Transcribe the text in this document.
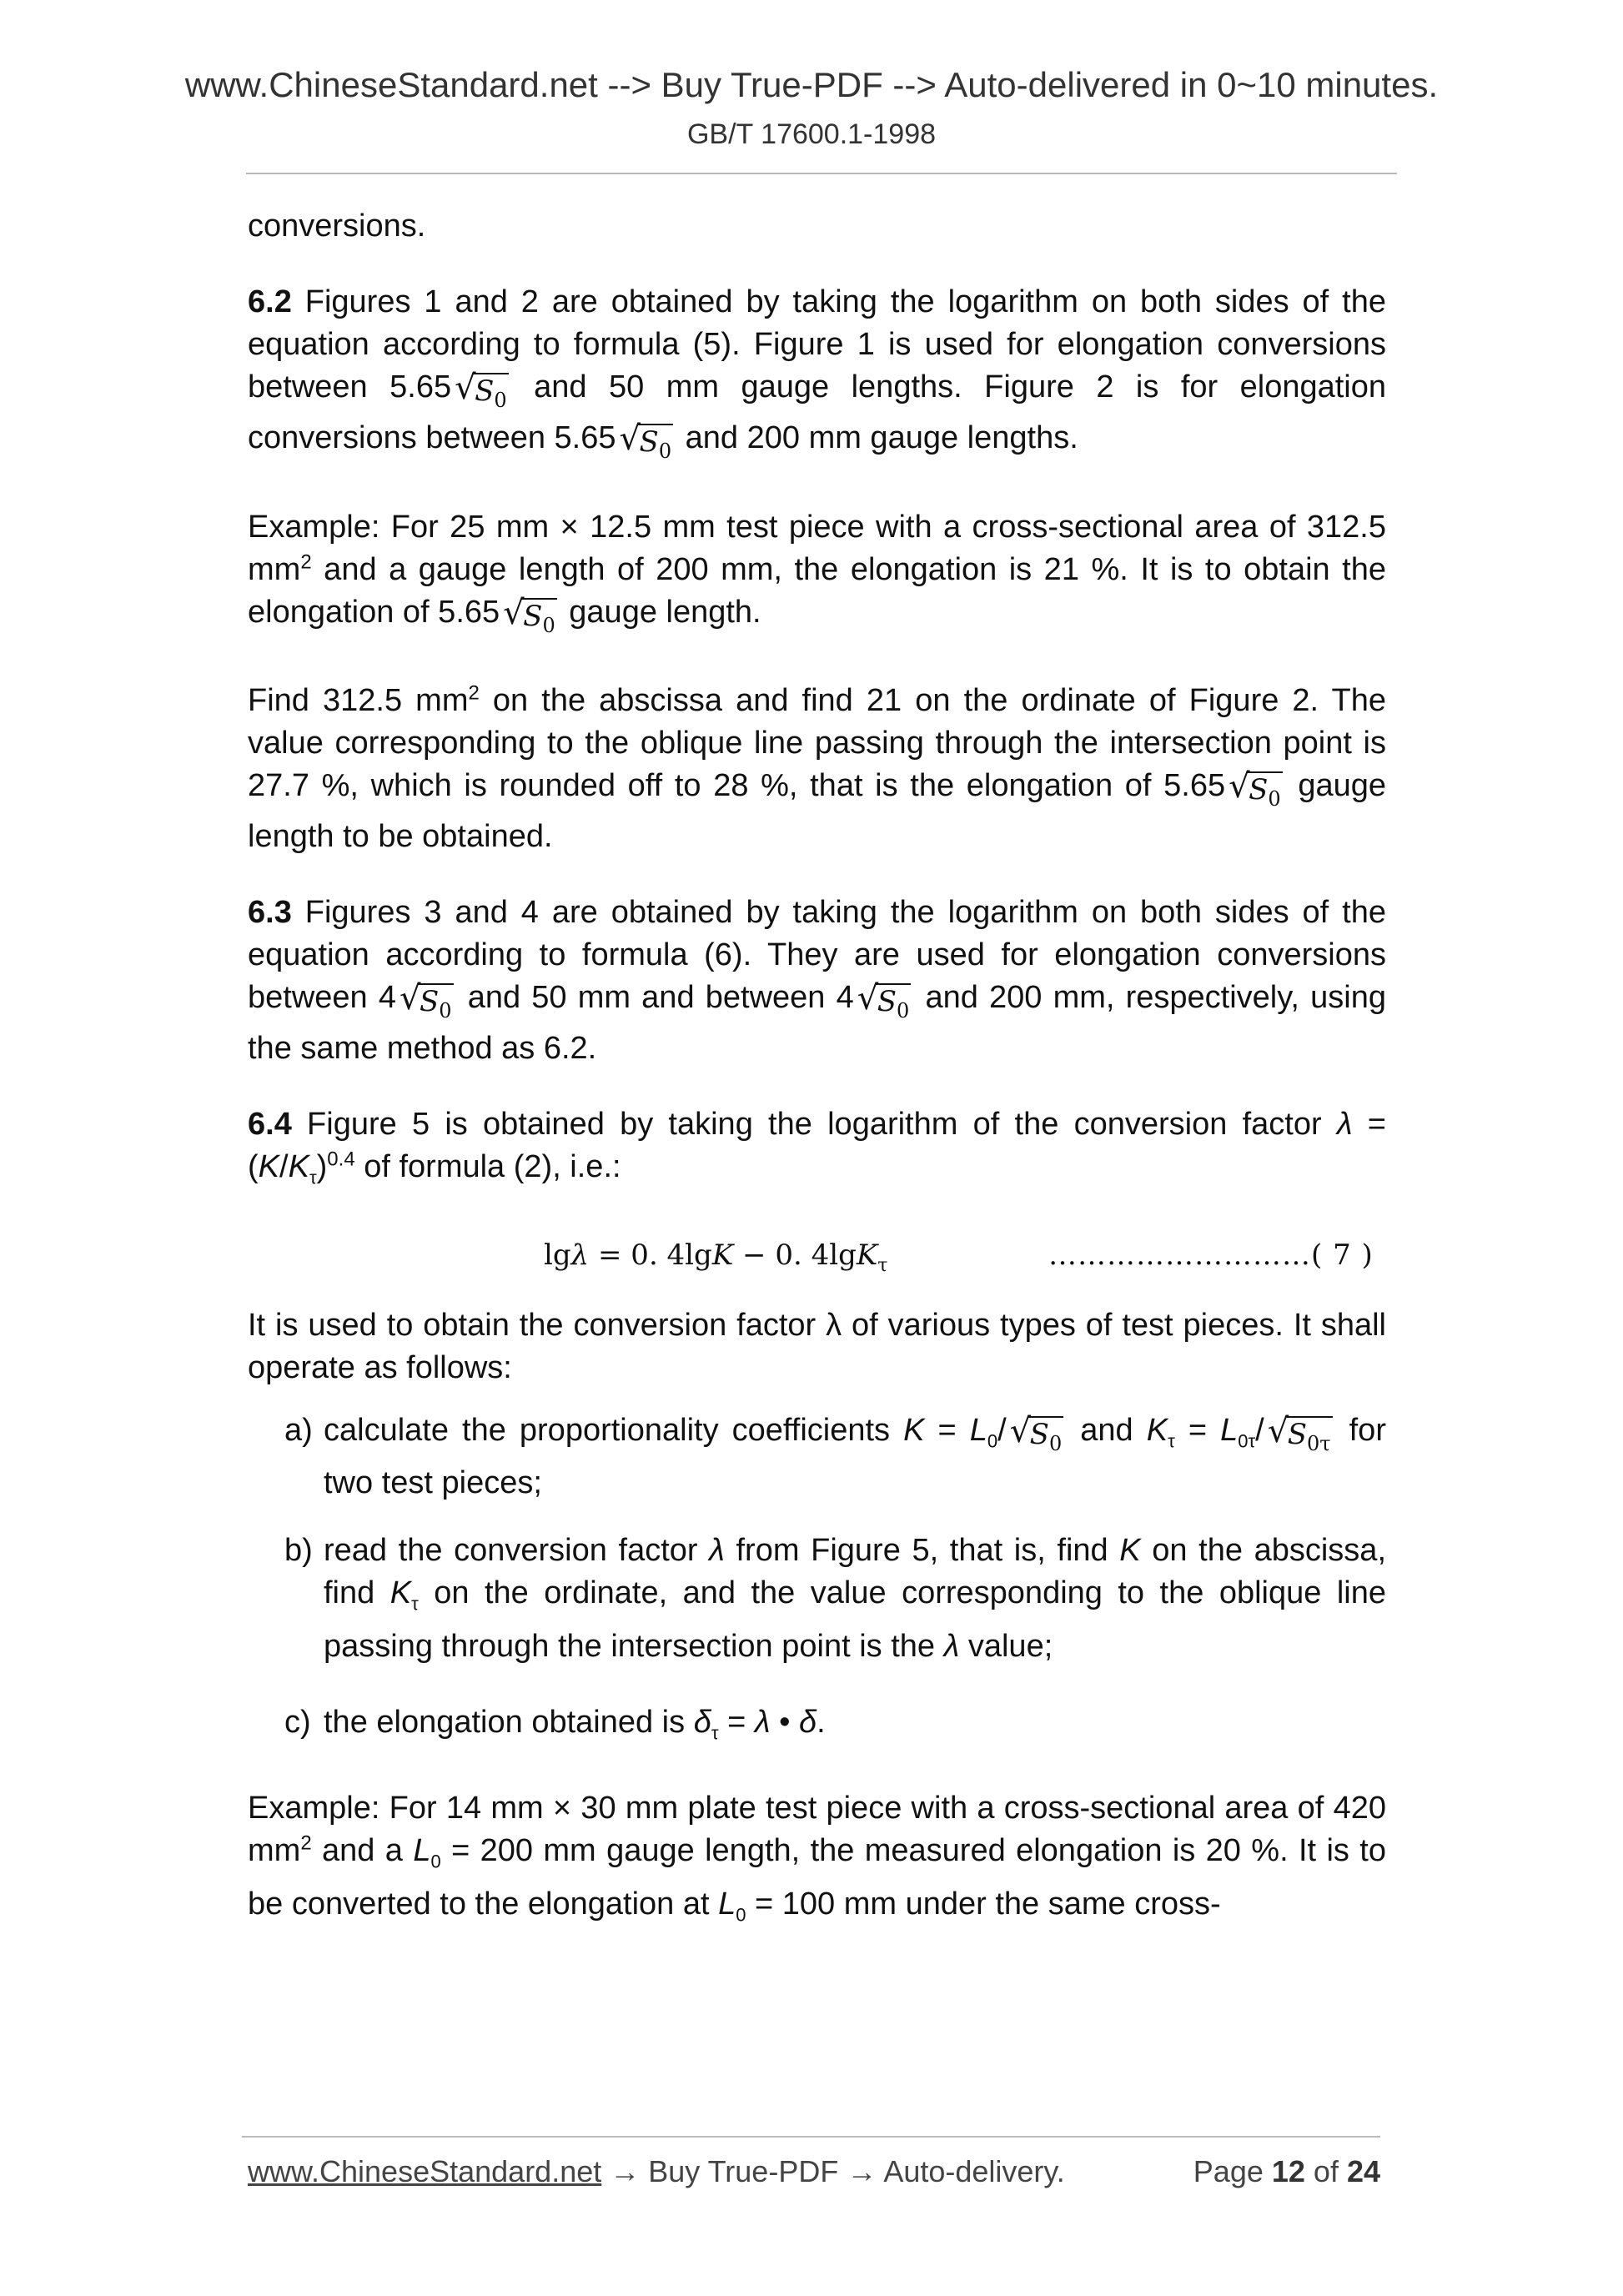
www.ChineseStandard.net --> Buy True-PDF --> Auto-delivered in 0~10 minutes.
GB/T 17600.1-1998

conversions.

6.2 Figures 1 and 2 are obtained by taking the logarithm on both sides of the equation according to formula (5). Figure 1 is used for elongation conversions between 5.65 √
$S_0$ and 50 mm gauge lengths. Figure 2 is for elongation conversions between 5.65 √
$S_0$ and 200 mm gauge lengths.

Example: For 25 mm × 12.5 mm test piece with a cross-sectional area of 312.5 $mm^2$ and a gauge length of 200 mm, the elongation is 21 %. It is to obtain the elongation of 5.65 √
$S_0$ gauge length.

Find 312.5 $mm^2$ on the abscissa and find 21 on the ordinate of Figure 2. The value corresponding to the oblique line passing through the intersection point is 27.7 %, which is rounded off to 28 %, that is the elongation of 5.65 √
$S_0$ gauge length to be obtained.

6.3 Figures 3 and 4 are obtained by taking the logarithm on both sides of the equation according to formula (6). They are used for elongation conversions between 4 √
$S_0$ and 50 mm and between 4 √
$S_0$ and 200 mm, respectively, using the same method as 6.2.

6.4 Figure 5 is obtained by taking the logarithm of the conversion factor $\lambda = (K/K_\tau)^{0.4}$ of formula (2), i.e.:

lgλ = 0. 4lgK − 0. 4lgK$_\tau$	………………………( 7 )

It is used to obtain the conversion factor λ of various types of test pieces. It shall operate as follows:

a) calculate the proportionality coefficients $K = L_0/$ √
$S_0$ and $K_\tau = L_{0\tau}/$ √
$S_{0\tau}$ for two test pieces;

b) read the conversion factor λ from Figure 5, that is, find K on the abscissa, find $K_\tau$ on the ordinate, and the value corresponding to the oblique line passing through the intersection point is the λ value;

c) the elongation obtained is $\delta_\tau = \lambda$ • δ.

Example: For 14 mm × 30 mm plate test piece with a cross-sectional area of 420 $mm^2$ and a $L_0 = 200$ mm gauge length, the measured elongation is 20 %. It is to be converted to the elongation at $L_0 = 100$ mm under the same cross-

www.ChineseStandard.net → Buy True-PDF → Auto-delivery.	Page 12 of 24
